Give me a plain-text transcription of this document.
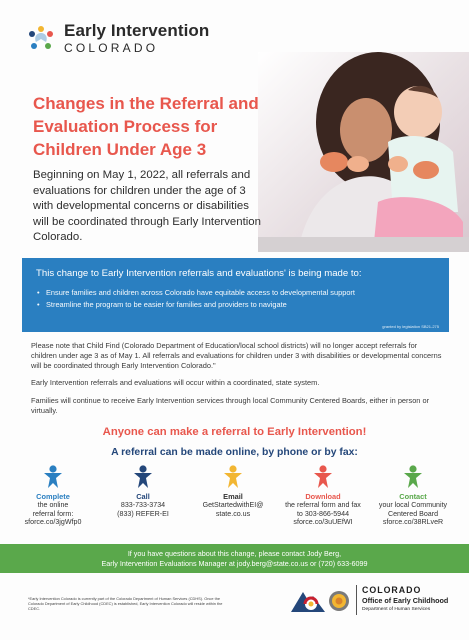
Early Intervention
COLORADO
Changes in the Referral and Evaluation Process for Children Under Age 3
Beginning on May 1, 2022, all referrals and evaluations for children under the age of 3 with developmental concerns or disabilities will be coordinated through Early Intervention Colorado.
This change to Early Intervention referrals and evaluations' is being made to:
• Ensure families and children across Colorado have equitable access to developmental support
• Streamline the program to be easier for families and providers to navigate
granted by legislation SB21-275
Please note that Child Find (Colorado Department of Education/local school districts) will no longer accept referrals for children under age 3 as of May 1. All referrals and evaluations for children under 3 with disabilities or developmental concerns will be coordinated through Early Intervention Colorado."
Early Intervention referrals and evaluations will occur within a coordinated, state system.
Families will continue to receive Early Intervention services through local Community Centered Boards, either in person or virtually.
Anyone can make a referral to Early Intervention!
A referral can be made online, by phone or by fax:
Complete
the online
referral form:
sforce.co/3jgWfp0
Call
833-733-3734
(833) REFER-EI
Email
GetStartedwithEI@
state.co.us
Download
the referral form and fax
to 303-866-5944
sforce.co/3uUEfWI
Contact
your local Community
Centered Board
sforce.co/38RLveR
If you have questions about this change, please contact Jody Berg,
Early Intervention Evaluations Manager at jody.berg@state.co.us or (720) 633-6099
*Early Intervention Colorado is currently part of the Colorado Department of Human Services (CDHS). Once the Colorado Department of Early Childhood (CDEC) is established, Early Intervention Colorado will reside within the CDEC.
COLORADO
Office of Early Childhood
Department of Human Services
